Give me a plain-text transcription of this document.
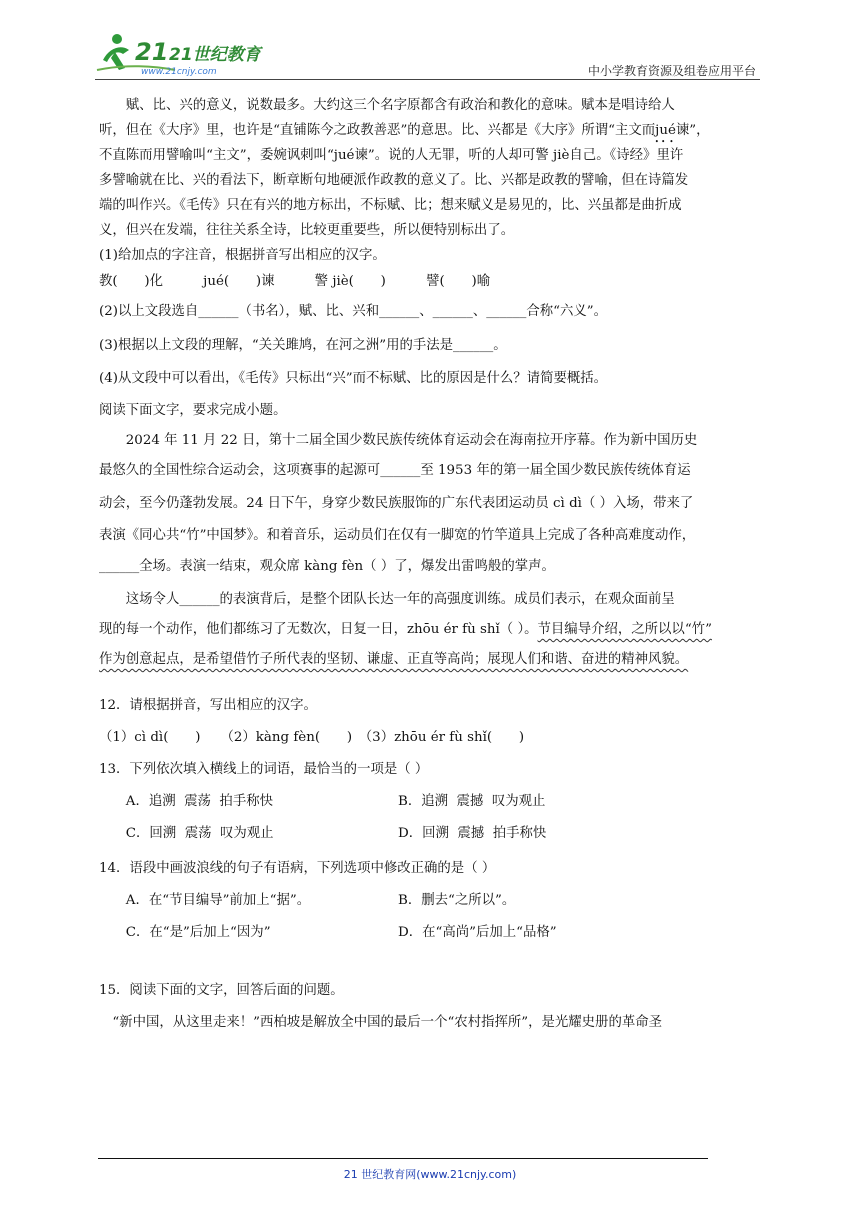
21 21世纪教育
www.21cnjy.com	中小学教育资源及组卷应用平台
　　赋、比、兴的意义，说数最多。大约这三个名字原都含有政治和教化的意味。赋本是唱诗给人
听，但在《大序》里，也许是“直铺陈今之政教善恶”的意思。比、兴都是《大序》所谓“主文而jué谏”，
不直陈而用譬喻叫“主文”，委婉讽刺叫“jué谏”。说的人无罪，听的人却可警 jiè自己。《诗经》里许
多譬喻就在比、兴的看法下，断章断句地硬派作政教的意义了。比、兴都是政教的譬喻，但在诗篇发
端的叫作兴。《毛传》只在有兴的地方标出，不标赋、比；想来赋义是易见的，比、兴虽都是曲折成
义，但兴在发端，往往关系全诗，比较更重要些，所以便特别标出了。
(1)给加点的字注音，根据拼音写出相应的汉字。
教(　　)化　　　jué(　　)谏　　　警 jiè(　　)　　　譬(　　)喻
(2)以上文段选自______（书名），赋、比、兴和______、______、______合称“六义”。
(3)根据以上文段的理解，“关关雎鸠，在河之洲”用的手法是______。
(4)从文段中可以看出，《毛传》只标出“兴”而不标赋、比的原因是什么？请简要概括。
阅读下面文字，要求完成小题。
　　2024 年 11 月 22 日，第十二届全国少数民族传统体育运动会在海南拉开序幕。作为新中国历史
最悠久的全国性综合运动会，这项赛事的起源可______至 1953 年的第一届全国少数民族传统体育运
动会，至今仍蓬勃发展。24 日下午，身穿少数民族服饰的广东代表团运动员 cì dì（ ）入场，带来了
表演《同心共“竹”中国梦》。和着音乐，运动员们在仅有一脚宽的竹竿道具上完成了各种高难度动作，
______全场。表演一结束，观众席 kàng fèn（ ）了，爆发出雷鸣般的掌声。
　　这场令人______的表演背后，是整个团队长达一年的高强度训练。成员们表示，在观众面前呈
现的每一个动作，他们都练习了无数次，日复一日，zhōu ér fù shǐ（ ）。节目编导介绍，之所以以“竹”
作为创意起点，是希望借竹子所代表的坚韧、谦虚、正直等高尚；展现人们和谐、奋进的精神风貌。
12．请根据拼音，写出相应的汉字。
（1）cì dì(　　)　　（2）kàng fèn(　　)　（3）zhōu ér fù shǐ(　　)
13．下列依次填入横线上的词语，最恰当的一项是（ ）
　　A．追溯  震荡  拍手称快	B．追溯  震撼  叹为观止
　　C．回溯  震荡  叹为观止	D．回溯  震撼  拍手称快
14．语段中画波浪线的句子有语病，下列选项中修改正确的是（ ）
　　A．在“节目编导”前加上“据”。	B．删去“之所以”。
　　C．在“是”后加上“因为”	D．在“高尚”后加上“品格”
15．阅读下面的文字，回答后面的问题。
　“新中国，从这里走来！”西柏坡是解放全中国的最后一个“农村指挥所”，是光耀史册的革命圣
21 世纪教育网(www.21cnjy.com)
